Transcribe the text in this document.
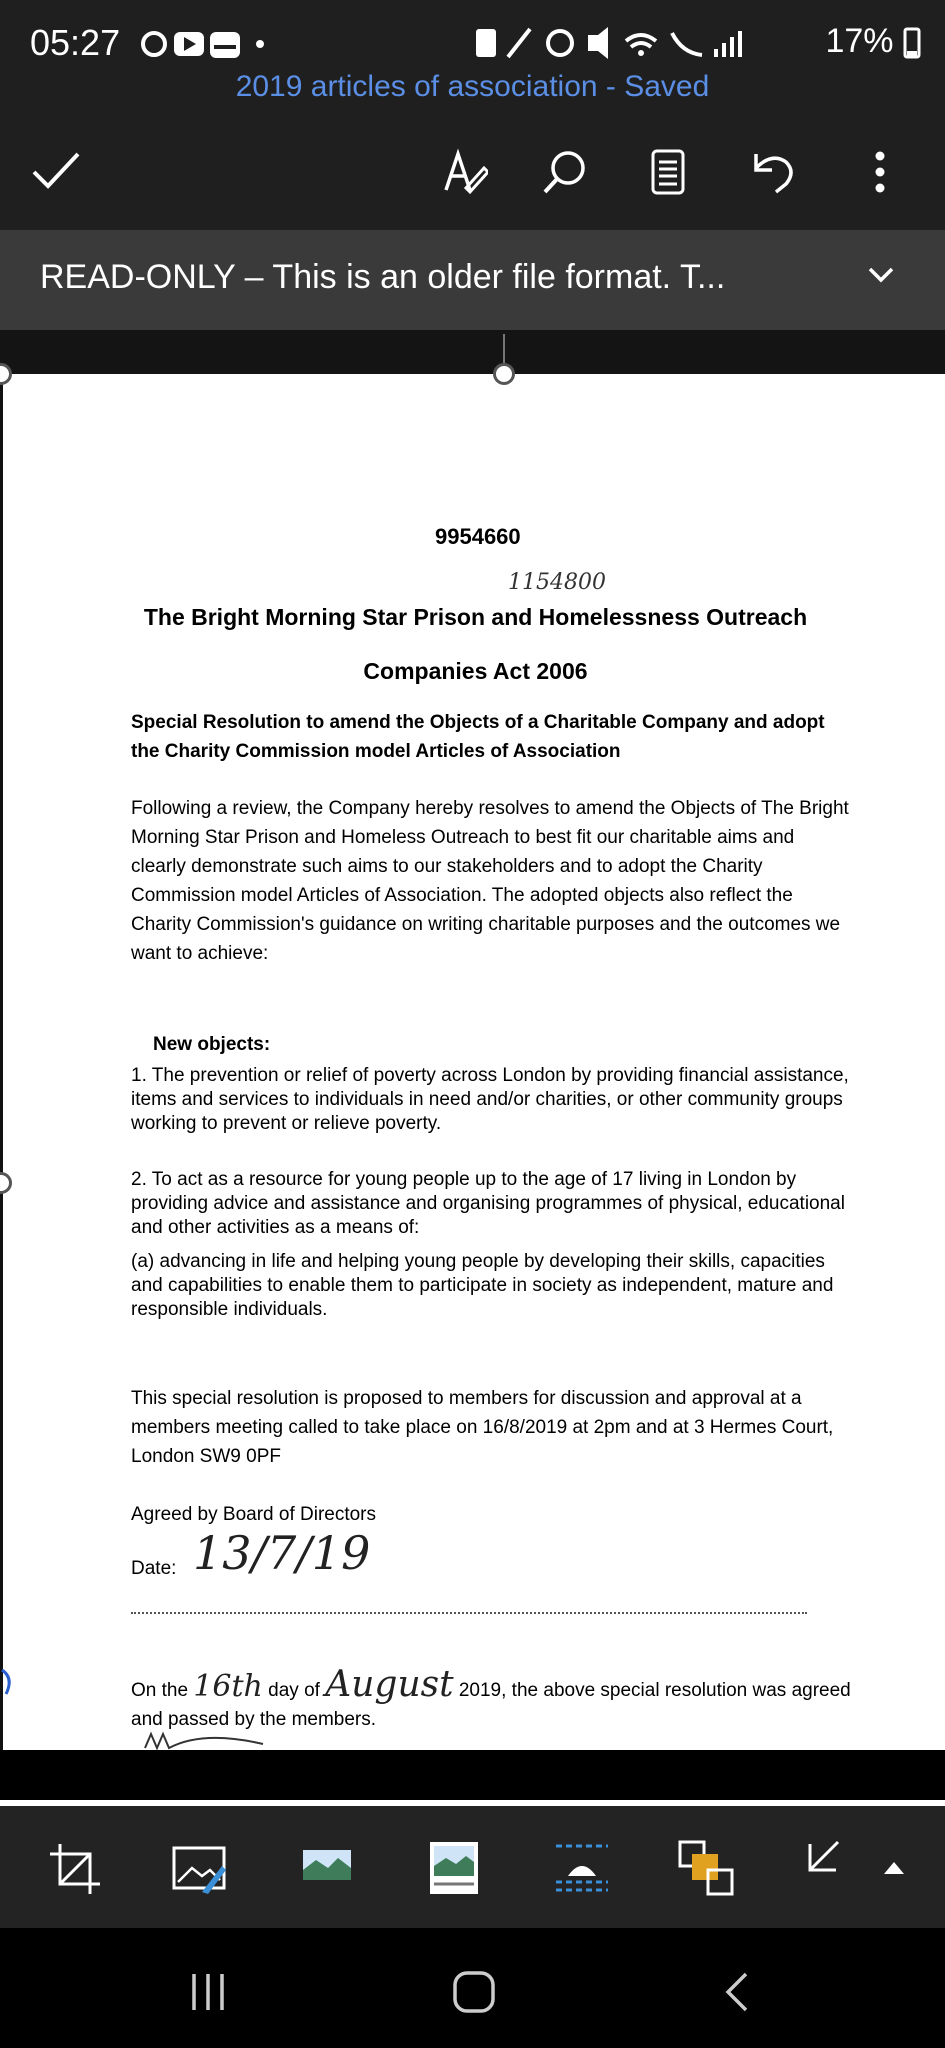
05:27	17%
2019 articles of association - Saved
READ-ONLY – This is an older file format. T...
9954660
1154800
The Bright Morning Star Prison and Homelessness Outreach
Companies Act 2006
Special Resolution to amend the Objects of a Charitable Company and adopt the Charity Commission model Articles of Association
Following a review, the Company hereby resolves to amend the Objects of The Bright Morning Star Prison and Homeless Outreach to best fit our charitable aims and clearly demonstrate such aims to our stakeholders and to adopt the Charity Commission model Articles of Association. The adopted objects also reflect the Charity Commission's guidance on writing charitable purposes and the outcomes we want to achieve:
New objects:
1. The prevention or relief of poverty across London by providing financial assistance, items and services to individuals in need and/or charities, or other community groups working to prevent or relieve poverty.
2. To act as a resource for young people up to the age of 17 living in London by providing advice and assistance and organising programmes of physical, educational and other activities as a means of:
(a) advancing in life and helping young people by developing their skills, capacities and capabilities to enable them to participate in society as independent, mature and responsible individuals.
This special resolution is proposed to members for discussion and approval at a members meeting called to take place on 16/8/2019 at 2pm and at 3 Hermes Court, London SW9 0PF
Agreed by Board of Directors
Date: 13/7/19
On the 16th day of August 2019, the above special resolution was agreed and passed by the members.
